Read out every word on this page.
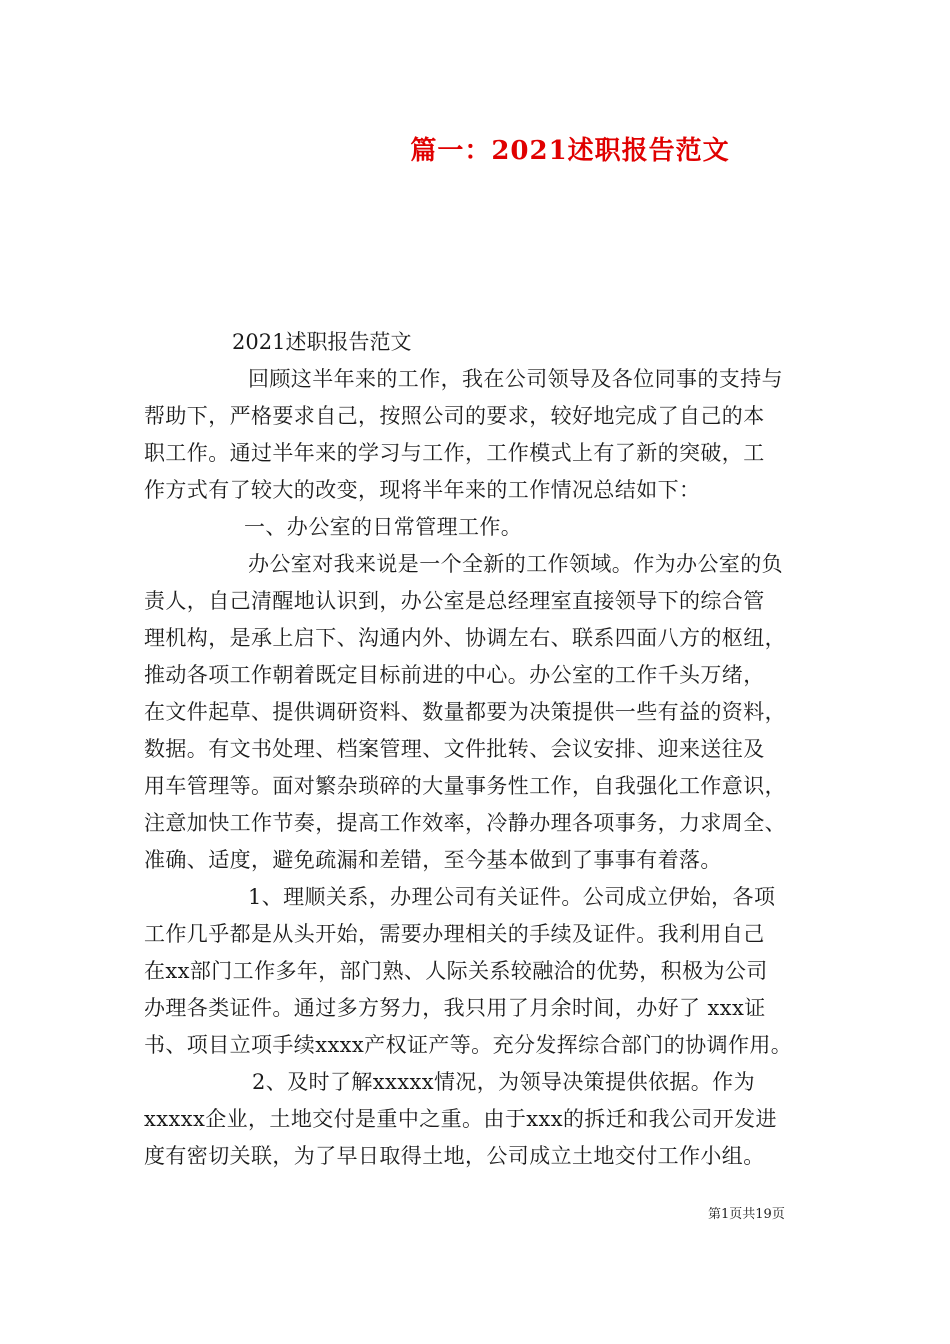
篇一：2021述职报告范文
2021述职报告范文
回顾这半年来的工作，我在公司领导及各位同事的支持与
帮助下，严格要求自己，按照公司的要求，较好地完成了自己的本
职工作。通过半年来的学习与工作，工作模式上有了新的突破，工
作方式有了较大的改变，现将半年来的工作情况总结如下：
一、办公室的日常管理工作。
办公室对我来说是一个全新的工作领域。作为办公室的负
责人，自己清醒地认识到，办公室是总经理室直接领导下的综合管
理机构，是承上启下、沟通内外、协调左右、联系四面八方的枢纽，
推动各项工作朝着既定目标前进的中心。办公室的工作千头万绪，
在文件起草、提供调研资料、数量都要为决策提供一些有益的资料，
数据。有文书处理、档案管理、文件批转、会议安排、迎来送往及
用车管理等。面对繁杂琐碎的大量事务性工作，自我强化工作意识，
注意加快工作节奏，提高工作效率，冷静办理各项事务，力求周全、
准确、适度，避免疏漏和差错，至今基本做到了事事有着落。
1、理顺关系，办理公司有关证件。公司成立伊始，各项
工作几乎都是从头开始，需要办理相关的手续及证件。我利用自己
在xx部门工作多年，部门熟、人际关系较融洽的优势，积极为公司
办理各类证件。通过多方努力，我只用了月余时间，办好了 xxx证
书、项目立项手续xxxx产权证产等。充分发挥综合部门的协调作用。
2、及时了解xxxxx情况，为领导决策提供依据。作为
xxxxx企业，土地交付是重中之重。由于xxx的拆迁和我公司开发进
度有密切关联，为了早日取得土地，公司成立土地交付工作小组。
第1页共19页
